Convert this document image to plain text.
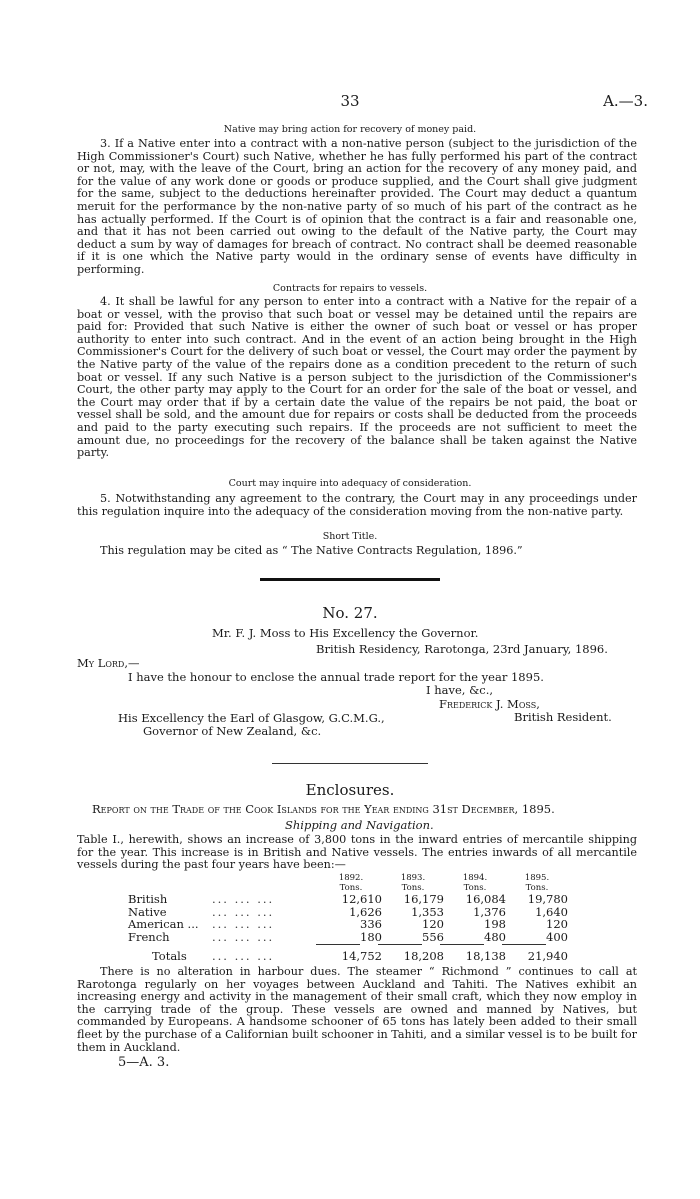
33	A.—3.
Native may bring action for recovery of money paid.

3. If a Native enter into a contract with a non-native person (subject to the jurisdiction of the High Commissioner's Court) such Native, whether he has fully performed his part of the contract or not, may, with the leave of the Court, bring an action for the recovery of any money paid, and for the value of any work done or goods or produce supplied, and the Court shall give judgment for the same, subject to the deductions hereinafter provided. The Court may deduct a quantum meruit for the performance by the non-native party of so much of his part of the contract as he has actually performed. If the Court is of opinion that the contract is a fair and reasonable one, and that it has not been carried out owing to the default of the Native party, the Court may deduct a sum by way of damages for breach of contract. No contract shall be deemed reasonable if it is one which the Native party would in the ordinary sense of events have difficulty in performing.

Contracts for repairs to vessels.

4. It shall be lawful for any person to enter into a contract with a Native for the repair of a boat or vessel, with the proviso that such boat or vessel may be detained until the repairs are paid for: Provided that such Native is either the owner of such boat or vessel or has proper authority to enter into such contract. And in the event of an action being brought in the High Commissioner's Court for the delivery of such boat or vessel, the Court may order the payment by the Native party of the value of the repairs done as a condition precedent to the return of such boat or vessel. If any such Native is a person subject to the jurisdiction of the Commissioner's Court, the other party may apply to the Court for an order for the sale of the boat or vessel, and the Court may order that if by a certain date the value of the repairs be not paid, the boat or vessel shall be sold, and the amount due for repairs or costs shall be deducted from the proceeds and paid to the party executing such repairs. If the proceeds are not sufficient to meet the amount due, no proceedings for the recovery of the balance shall be taken against the Native party.

Court may inquire into adequacy of consideration.

5. Notwithstanding any agreement to the contrary, the Court may in any proceedings under this regulation inquire into the adequacy of the consideration moving from the non-native party.

Short Title.

This regulation may be cited as “ The Native Contracts Regulation, 1896.”

No. 27.
Mr. F. J. Moss to His Excellency the Governor.
British Residency, Rarotonga, 23rd January, 1896.
My Lord,—
I have the honour to enclose the annual trade report for the year 1895.
I have, &c.,
Frederick J. Moss,
British Resident.
His Excellency the Earl of Glasgow, G.C.M.G.,
Governor of New Zealand, &c.
Enclosures.
Report on the Trade of the Cook Islands for the Year ending 31st December, 1895.
Shipping and Navigation.

Table I., herewith, shows an increase of 3,800 tons in the inward entries of mercantile shipping for the year. This increase is in British and Native vessels. The entries inwards of all mercantile vessels during the past four years have been:—

		1892.	1893.	1894.	1895.
		Tons.	Tons.	Tons.	Tons.
British	... ... ...	12,610	16,179	16,084	19,780
Native	... ... ...	1,626	1,353	1,376	1,640
American ...	... ... ...	336	120	198	120
French	... ... ...	180	556	480	400
Totals	... ... ...	14,752	18,208	18,138	21,940

There is no alteration in harbour dues. The steamer “ Richmond ” continues to call at Rarotonga regularly on her voyages between Auckland and Tahiti. The Natives exhibit an increasing energy and activity in the management of their small craft, which they now employ in the carrying trade of the group. These vessels are owned and manned by Natives, but commanded by Europeans. A handsome schooner of 65 tons has lately been added to their small fleet by the purchase of a Californian built schooner in Tahiti, and a similar vessel is to be built for them in Auckland.

5—A. 3.
